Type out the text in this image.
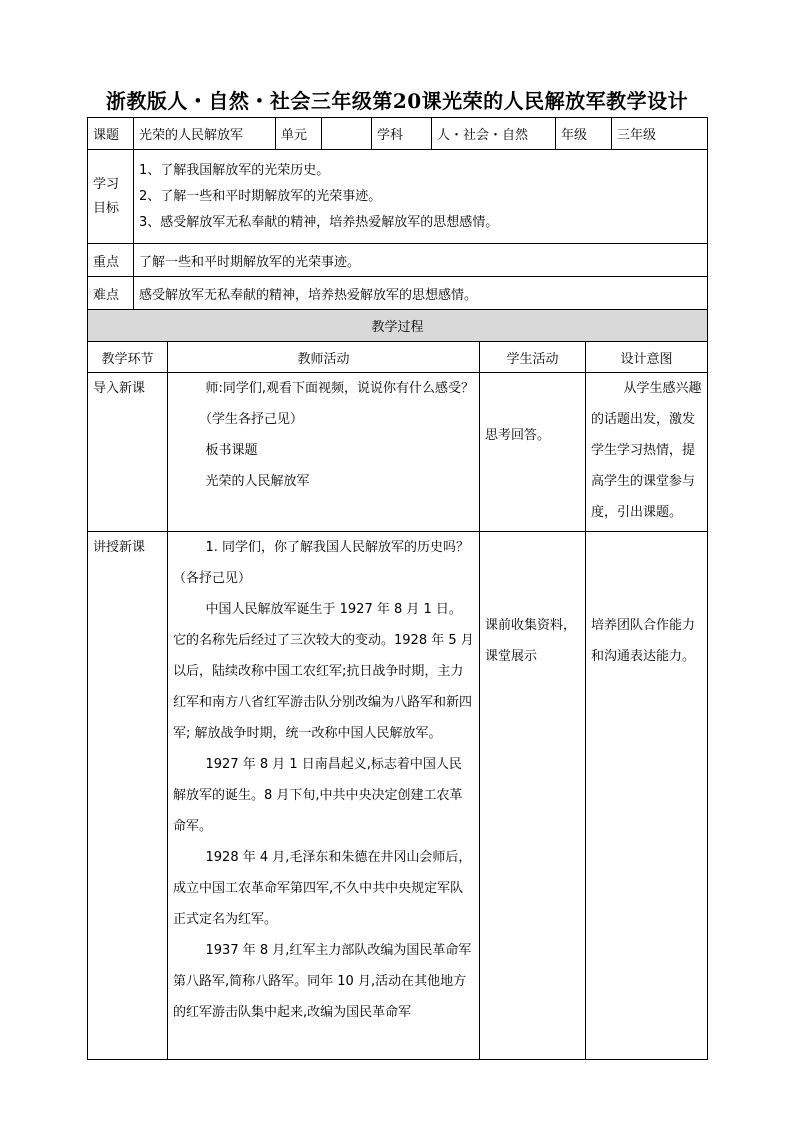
浙教版人・自然・社会三年级第20课光荣的人民解放军教学设计
课题	光荣的人民解放军	单元		学科	人・社会・自然	年级	三年级
学习目标	1、了解我国解放军的光荣历史。
2、了解一些和平时期解放军的光荣事迹。
3、感受解放军无私奉献的精神，培养热爱解放军的思想感情。						

重点	了解一些和平时期解放军的光荣事迹。						
难点	感受解放军无私奉献的精神，培养热爱解放军的思想感情。						
教学过程			
教学环节	教师活动	学生活动	设计意图
导入新课	师:同学们,观看下面视频，说说你有什么感受？
（学生各抒己见）
板书课题
光荣的人民解放军	思考回答。	从学生感兴趣的话题出发，激发学生学习热情，提高学生的课堂参与度，引出课题。
讲授新课	1. 同学们，你了解我国人民解放军的历史吗？ （各抒己见）
中国人民解放军诞生于 1927 年 8 月 1 日。它的名称先后经过了三次较大的变动。1928 年 5 月以后，陆续改称中国工农红军;抗日战争时期，主力红军和南方八省红军游击队分别改编为八路军和新四军; 解放战争时期，统一改称中国人民解放军。
1927 年 8 月 1 日南昌起义,标志着中国人民解放军的诞生。8 月下旬,中共中央决定创建工农革命军。
1928 年 4 月,毛泽东和朱德在井冈山会师后，成立中国工农革命军第四军,不久中共中央规定军队正式定名为红军。
1937 年 8 月,红军主力部队改编为国民革命军第八路军,简称八路军。同年 10 月,活动在其他地方的红军游击队集中起来,改编为国民革命军	课前收集资料，课堂展示	培养团队合作能力和沟通表达能力。
